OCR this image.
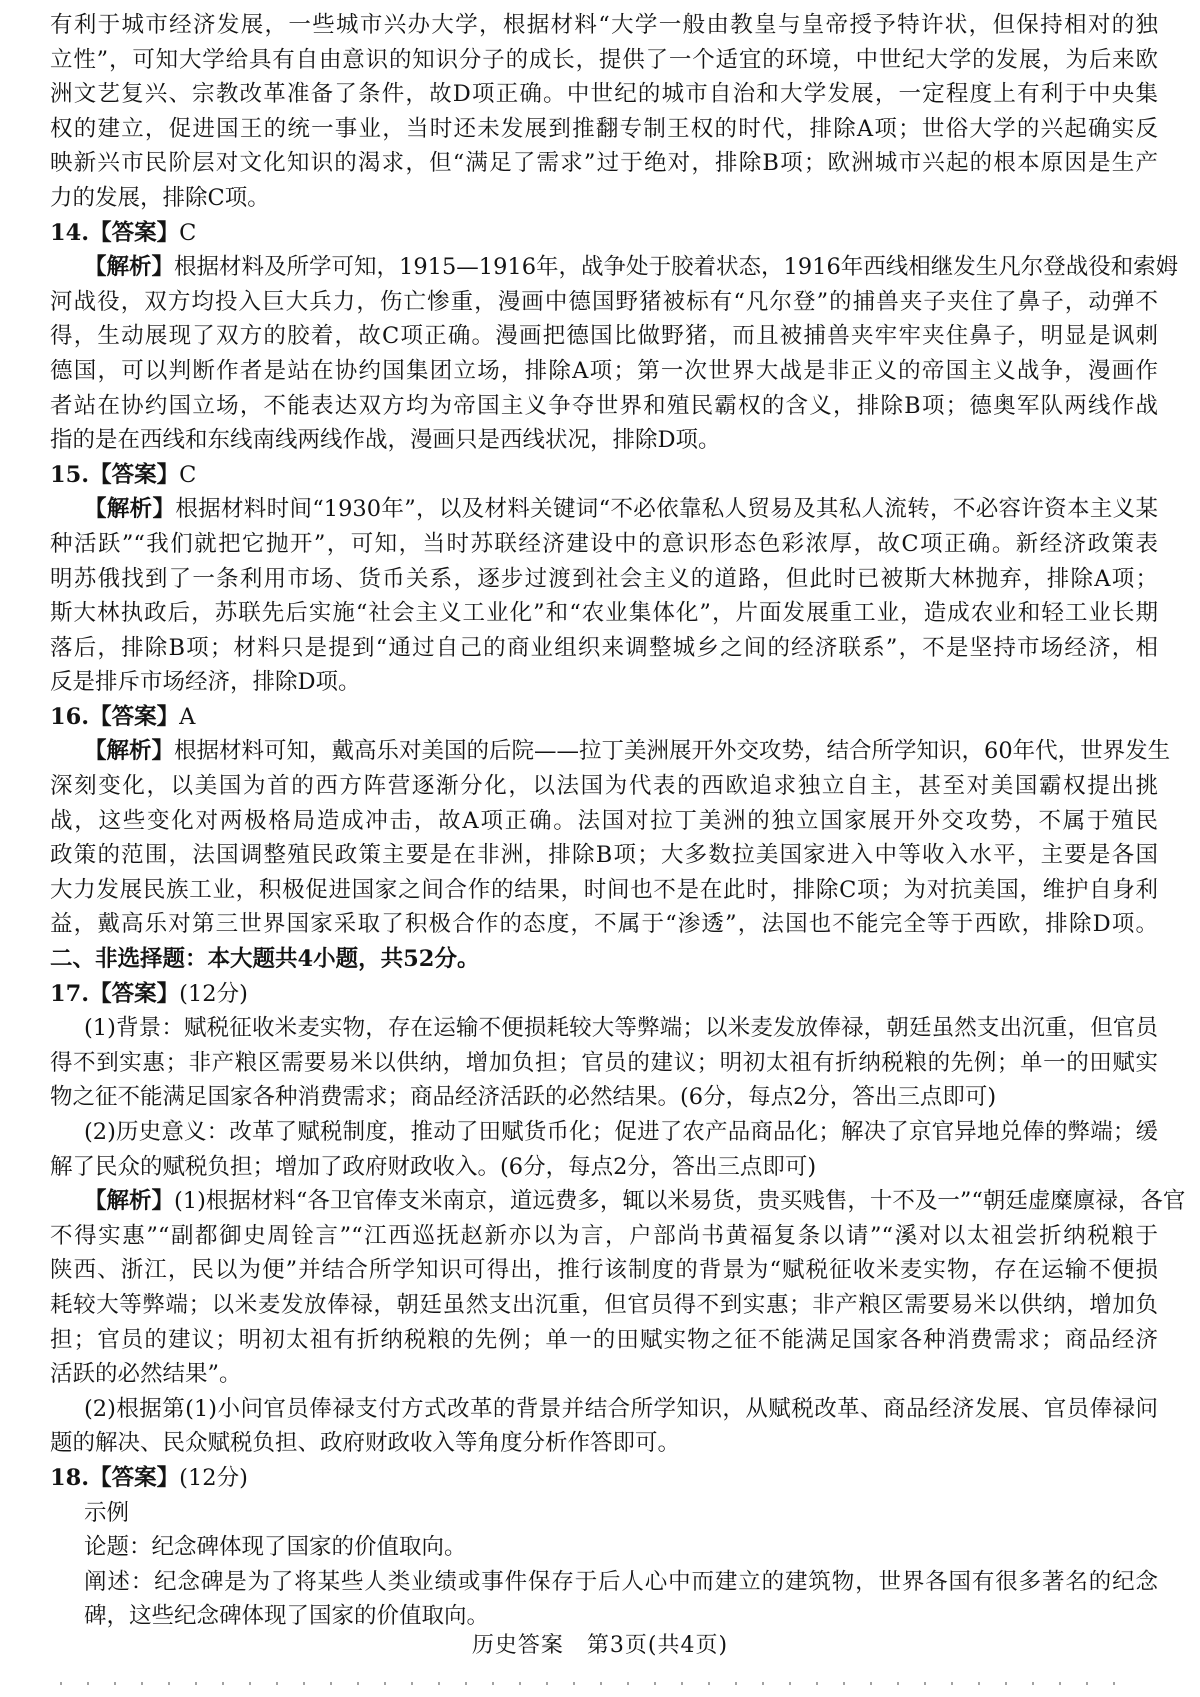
有利于城市经济发展，一些城市兴办大学，根据材料“大学一般由教皇与皇帝授予特许状，但保持相对的独
立性”，可知大学给具有自由意识的知识分子的成长，提供了一个适宜的环境，中世纪大学的发展，为后来欧
洲文艺复兴、宗教改革准备了条件，故D项正确。中世纪的城市自治和大学发展，一定程度上有利于中央集
权的建立，促进国王的统一事业，当时还未发展到推翻专制王权的时代，排除A项；世俗大学的兴起确实反
映新兴市民阶层对文化知识的渴求，但“满足了需求”过于绝对，排除B项；欧洲城市兴起的根本原因是生产
力的发展，排除C项。
14.【答案】C
【解析】根据材料及所学可知，1915—1916年，战争处于胶着状态，1916年西线相继发生凡尔登战役和索姆
河战役，双方均投入巨大兵力，伤亡惨重，漫画中德国野猪被标有“凡尔登”的捕兽夹子夹住了鼻子，动弹不
得，生动展现了双方的胶着，故C项正确。漫画把德国比做野猪，而且被捕兽夹牢牢夹住鼻子，明显是讽刺
德国，可以判断作者是站在协约国集团立场，排除A项；第一次世界大战是非正义的帝国主义战争，漫画作
者站在协约国立场，不能表达双方均为帝国主义争夺世界和殖民霸权的含义，排除B项；德奥军队两线作战
指的是在西线和东线南线两线作战，漫画只是西线状况，排除D项。
15.【答案】C
【解析】根据材料时间“1930年”，以及材料关键词“不必依靠私人贸易及其私人流转，不必容许资本主义某
种活跃”“我们就把它抛开”，可知，当时苏联经济建设中的意识形态色彩浓厚，故C项正确。新经济政策表
明苏俄找到了一条利用市场、货币关系，逐步过渡到社会主义的道路，但此时已被斯大林抛弃，排除A项；
斯大林执政后，苏联先后实施“社会主义工业化”和“农业集体化”，片面发展重工业，造成农业和轻工业长期
落后，排除B项；材料只是提到“通过自己的商业组织来调整城乡之间的经济联系”，不是坚持市场经济，相
反是排斥市场经济，排除D项。
16.【答案】A
【解析】根据材料可知，戴高乐对美国的后院——拉丁美洲展开外交攻势，结合所学知识，60年代，世界发生
深刻变化，以美国为首的西方阵营逐渐分化，以法国为代表的西欧追求独立自主，甚至对美国霸权提出挑
战，这些变化对两极格局造成冲击，故A项正确。法国对拉丁美洲的独立国家展开外交攻势，不属于殖民
政策的范围，法国调整殖民政策主要是在非洲，排除B项；大多数拉美国家进入中等收入水平，主要是各国
大力发展民族工业，积极促进国家之间合作的结果，时间也不是在此时，排除C项；为对抗美国，维护自身利
益，戴高乐对第三世界国家采取了积极合作的态度，不属于“渗透”，法国也不能完全等于西欧，排除D项。
二、非选择题：本大题共4小题，共52分。
17.【答案】(12分)
(1)背景：赋税征收米麦实物，存在运输不便损耗较大等弊端；以米麦发放俸禄，朝廷虽然支出沉重，但官员
得不到实惠；非产粮区需要易米以供纳，增加负担；官员的建议；明初太祖有折纳税粮的先例；单一的田赋实
物之征不能满足国家各种消费需求；商品经济活跃的必然结果。(6分，每点2分，答出三点即可)
(2)历史意义：改革了赋税制度，推动了田赋货币化；促进了农产品商品化；解决了京官异地兑俸的弊端；缓
解了民众的赋税负担；增加了政府财政收入。(6分，每点2分，答出三点即可)
【解析】(1)根据材料“各卫官俸支米南京，道远费多，辄以米易货，贵买贱售，十不及一”“朝廷虚糜廪禄，各官
不得实惠”“副都御史周铨言”“江西巡抚赵新亦以为言，户部尚书黄福复条以请”“溪对以太祖尝折纳税粮于
陕西、浙江，民以为便”并结合所学知识可得出，推行该制度的背景为“赋税征收米麦实物，存在运输不便损
耗较大等弊端；以米麦发放俸禄，朝廷虽然支出沉重，但官员得不到实惠；非产粮区需要易米以供纳，增加负
担；官员的建议；明初太祖有折纳税粮的先例；单一的田赋实物之征不能满足国家各种消费需求；商品经济
活跃的必然结果”。
(2)根据第(1)小问官员俸禄支付方式改革的背景并结合所学知识，从赋税改革、商品经济发展、官员俸禄问
题的解决、民众赋税负担、政府财政收入等角度分析作答即可。
18.【答案】(12分)
示例
论题：纪念碑体现了国家的价值取向。
阐述：纪念碑是为了将某些人类业绩或事件保存于后人心中而建立的建筑物，世界各国有很多著名的纪念
碑，这些纪念碑体现了国家的价值取向。
历史答案　第3页(共4页)
